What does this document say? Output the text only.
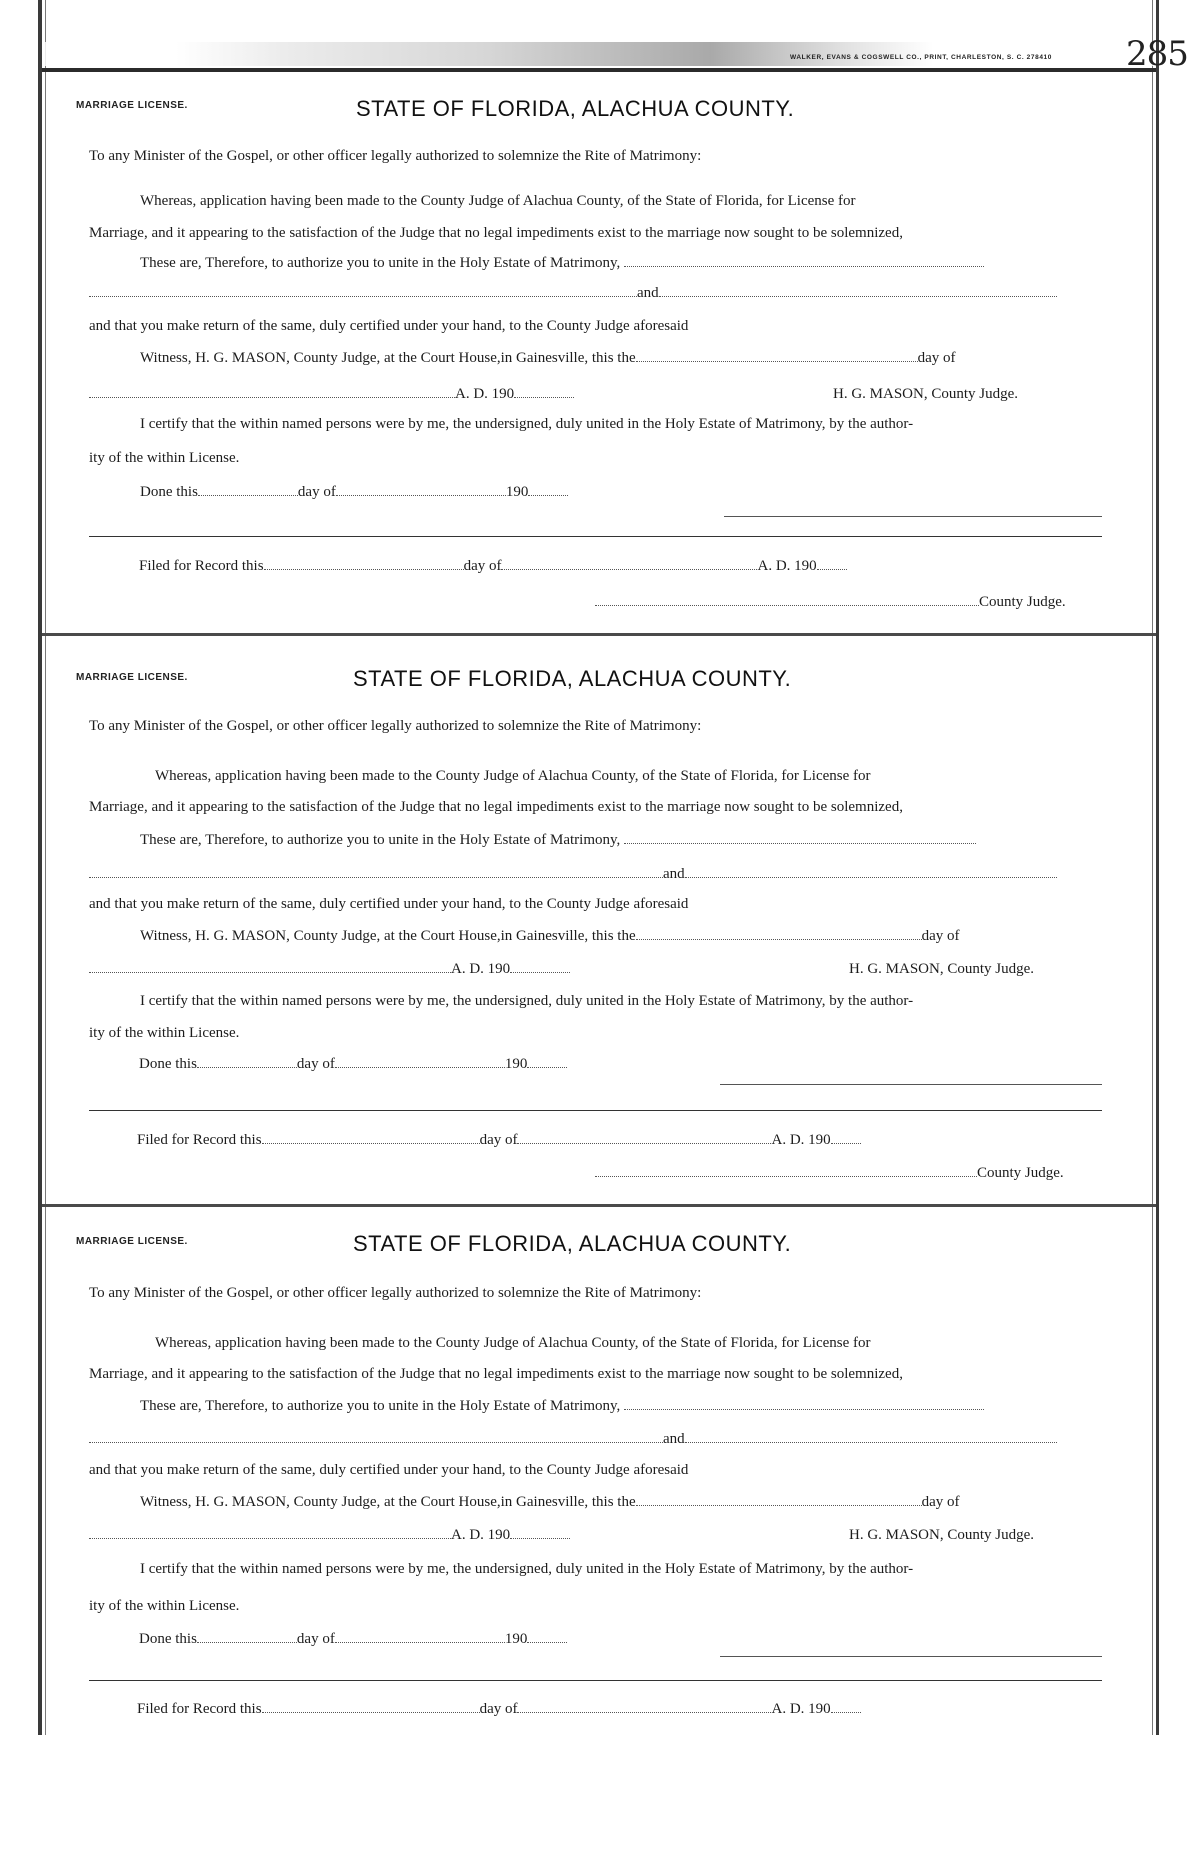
WALKER, EVANS & COGSWELL CO., PRINT, CHARLESTON, S. C. 278410 285
MARRIAGE LICENSE.	STATE OF FLORIDA, ALACHUA COUNTY.
To any Minister of the Gospel, or other officer legally authorized to solemnize the Rite of Matrimony:
Whereas, application having been made to the County Judge of Alachua County, of the State of Florida, for License for
Marriage, and it appearing to the satisfaction of the Judge that no legal impediments exist to the marriage now sought to be solemnized,
These are, Therefore, to authorize you to unite in the Holy Estate of Matrimony,
and
and that you make return of the same, duly certified under your hand, to the County Judge aforesaid
Witness, H. G. MASON, County Judge, at the Court House,in Gainesville, this the	day of
A. D. 190	H. G. MASON, County Judge.
I certify that the within named persons were by me, the undersigned, duly united in the Holy Estate of Matrimony, by the author-
ity of the within License.
Done this	day of	190
Filed for Record this	day of	A. D. 190
County Judge.
MARRIAGE LICENSE.	STATE OF FLORIDA, ALACHUA COUNTY.
To any Minister of the Gospel, or other officer legally authorized to solemnize the Rite of Matrimony:
Whereas, application having been made to the County Judge of Alachua County, of the State of Florida, for License for
Marriage, and it appearing to the satisfaction of the Judge that no legal impediments exist to the marriage now sought to be solemnized,
These are, Therefore, to authorize you to unite in the Holy Estate of Matrimony,
and
and that you make return of the same, duly certified under your hand, to the County Judge aforesaid
Witness, H. G. MASON, County Judge, at the Court House,in Gainesville, this the	day of
A. D. 190	H. G. MASON, County Judge.
I certify that the within named persons were by me, the undersigned, duly united in the Holy Estate of Matrimony, by the author-
ity of the within License.
Done this	day of	190
Filed for Record this	day of	A. D. 190
County Judge.
MARRIAGE LICENSE.	STATE OF FLORIDA, ALACHUA COUNTY.
To any Minister of the Gospel, or other officer legally authorized to solemnize the Rite of Matrimony:
Whereas, application having been made to the County Judge of Alachua County, of the State of Florida, for License for
Marriage, and it appearing to the satisfaction of the Judge that no legal impediments exist to the marriage now sought to be solemnized,
These are, Therefore, to authorize you to unite in the Holy Estate of Matrimony,
and
and that you make return of the same, duly certified under your hand, to the County Judge aforesaid
Witness, H. G. MASON, County Judge, at the Court House,in Gainesville, this the	day of
A. D. 190	H. G. MASON, County Judge.
I certify that the within named persons were by me, the undersigned, duly united in the Holy Estate of Matrimony, by the author-
ity of the within License.
Done this	day of	190
Filed for Record this	day of	A. D. 190
